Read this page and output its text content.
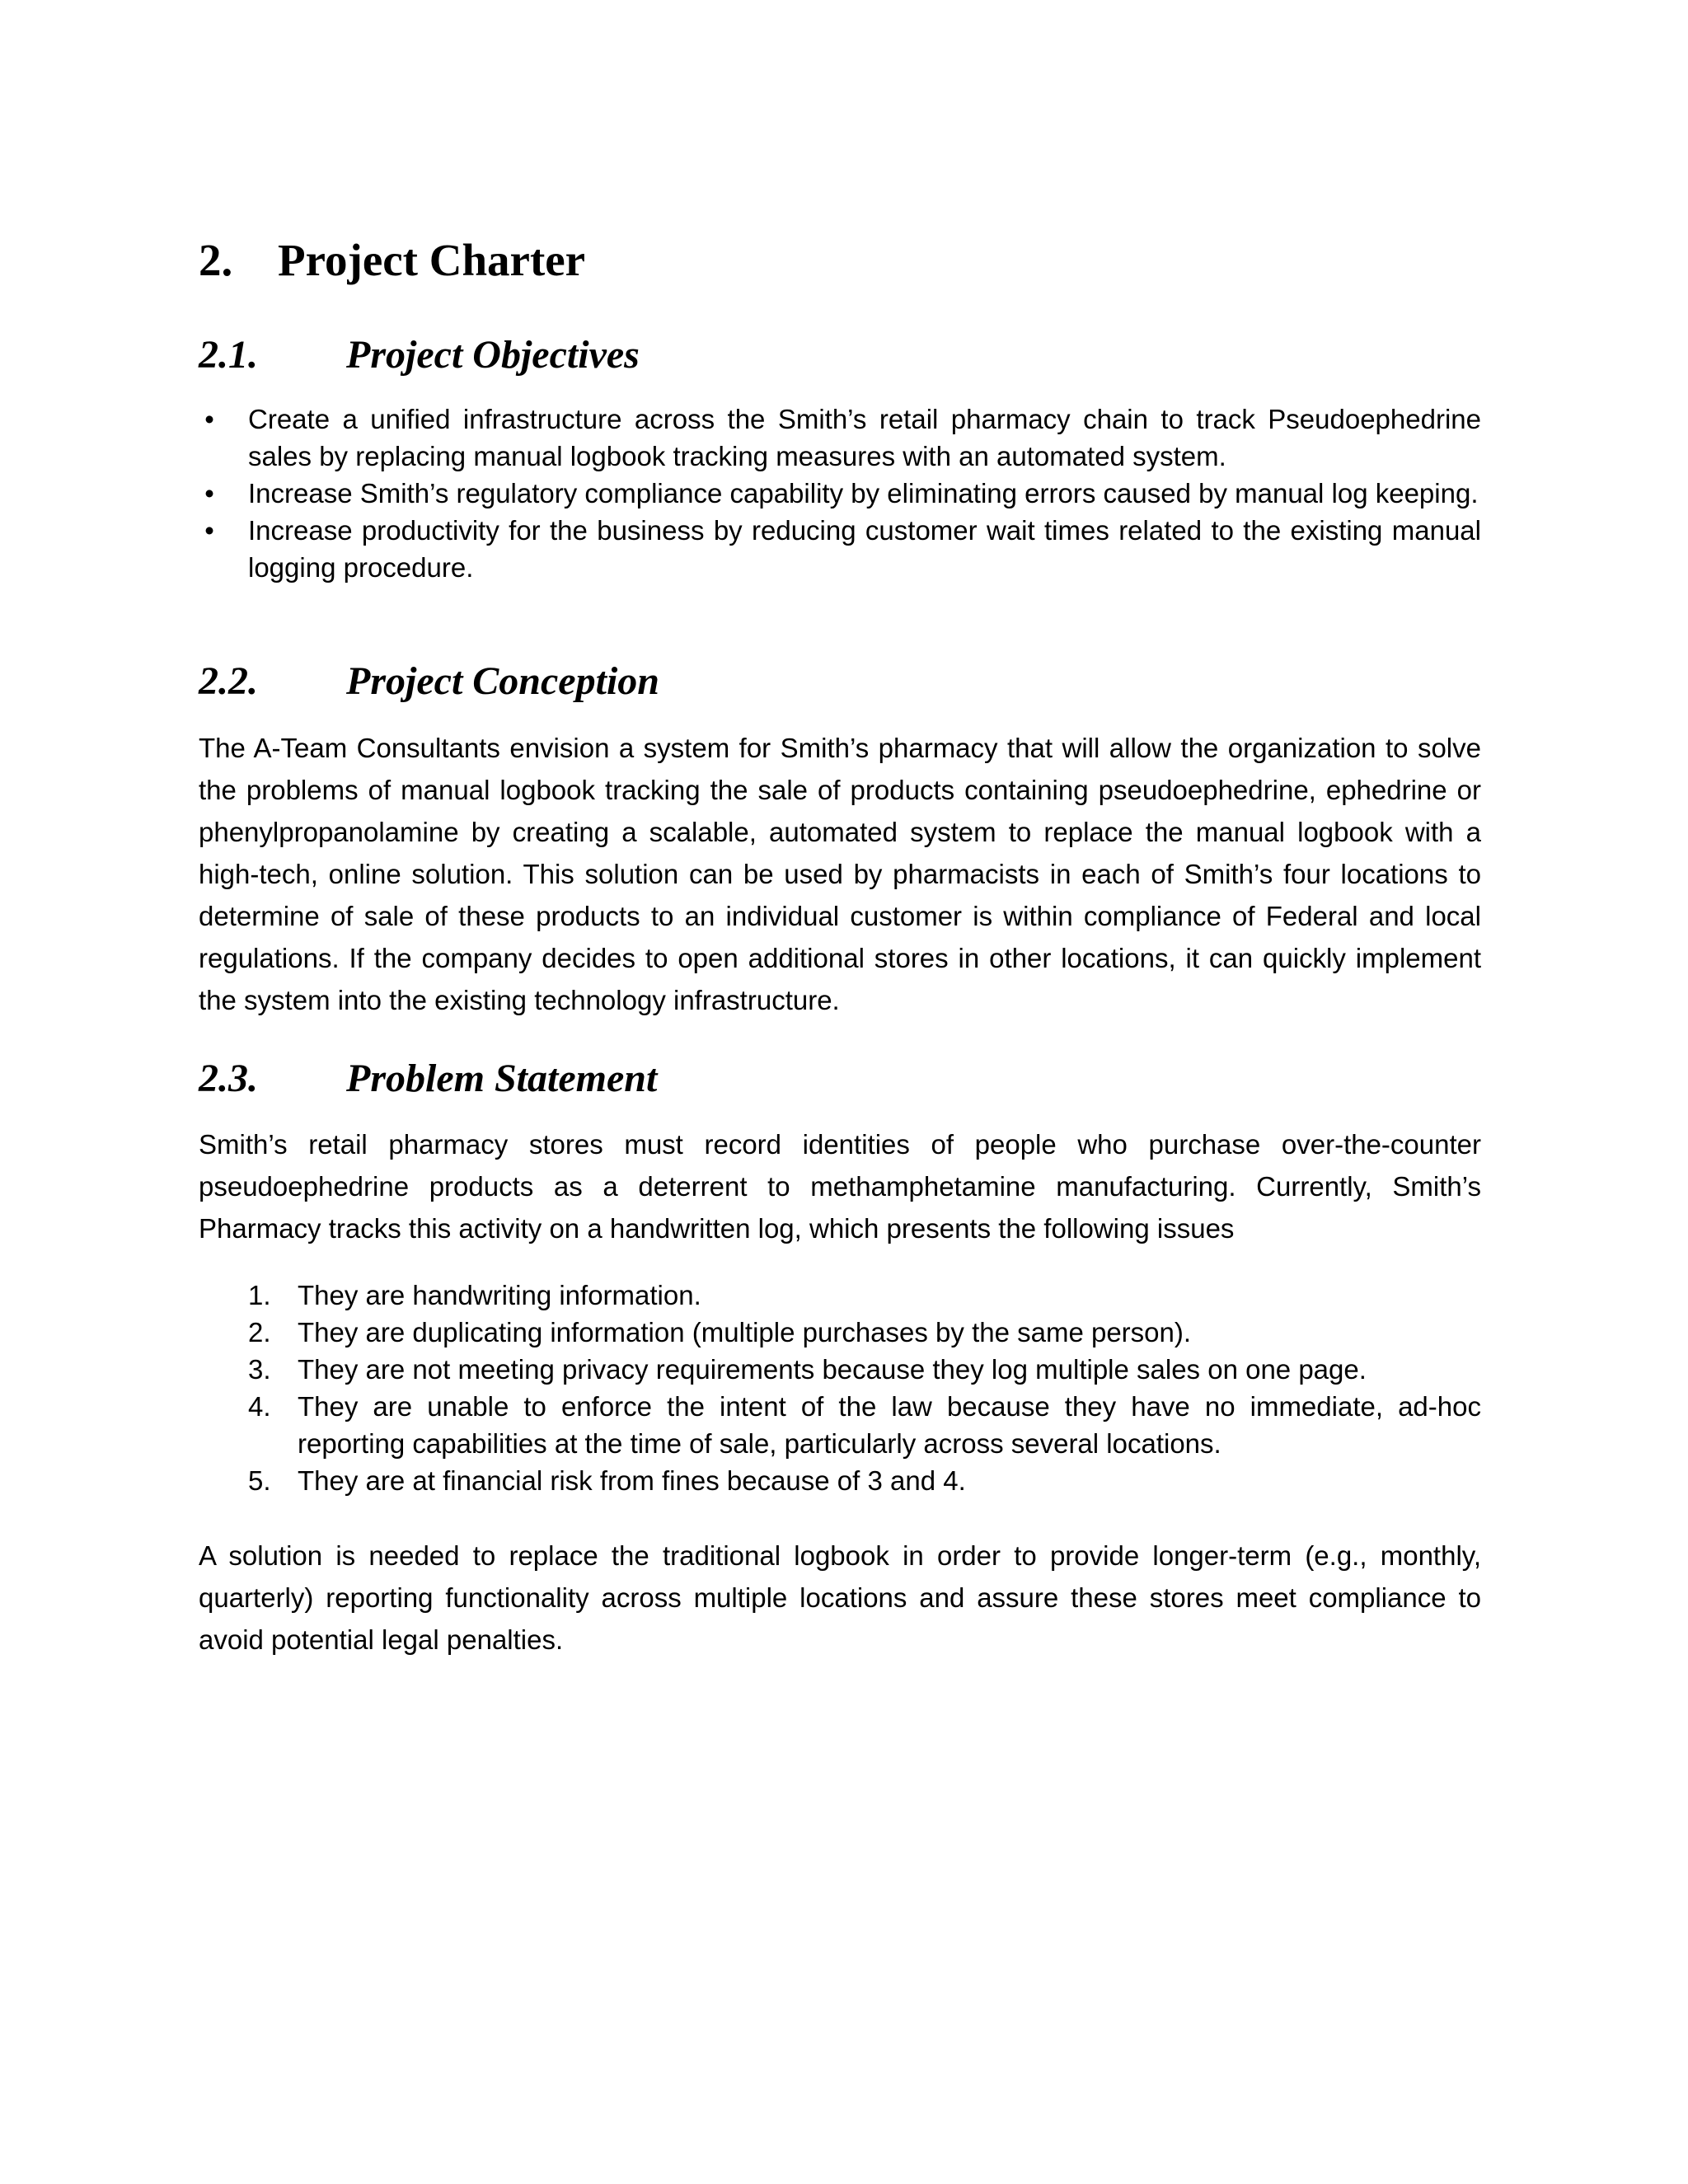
2. Project Charter
2.1. Project Objectives
• Create a unified infrastructure across the Smith’s retail pharmacy chain to track Pseudoephedrine sales by replacing manual logbook tracking measures with an automated system.
• Increase Smith’s regulatory compliance capability by eliminating errors caused by manual log keeping.
• Increase productivity for the business by reducing customer wait times related to the existing manual logging procedure.
2.2. Project Conception

The A-Team Consultants envision a system for Smith’s pharmacy that will allow the organization to solve the problems of manual logbook tracking the sale of products containing pseudoephedrine, ephedrine or phenylpropanolamine by creating a scalable, automated system to replace the manual logbook with a high-tech, online solution. This solution can be used by pharmacists in each of Smith’s four locations to determine of sale of these products to an individual customer is within compliance of Federal and local regulations. If the company decides to open additional stores in other locations, it can quickly implement the system into the existing technology infrastructure.

2.3. Problem Statement

Smith’s retail pharmacy stores must record identities of people who purchase over-the-counter pseudoephedrine products as a deterrent to methamphetamine manufacturing. Currently, Smith’s Pharmacy tracks this activity on a handwritten log, which presents the following issues

1. They are handwriting information.
2. They are duplicating information (multiple purchases by the same person).
3. They are not meeting privacy requirements because they log multiple sales on one page.
4. They are unable to enforce the intent of the law because they have no immediate, ad-hoc reporting capabilities at the time of sale, particularly across several locations.
5. They are at financial risk from fines because of 3 and 4.

A solution is needed to replace the traditional logbook in order to provide longer-term (e.g., monthly, quarterly) reporting functionality across multiple locations and assure these stores meet compliance to avoid potential legal penalties.
